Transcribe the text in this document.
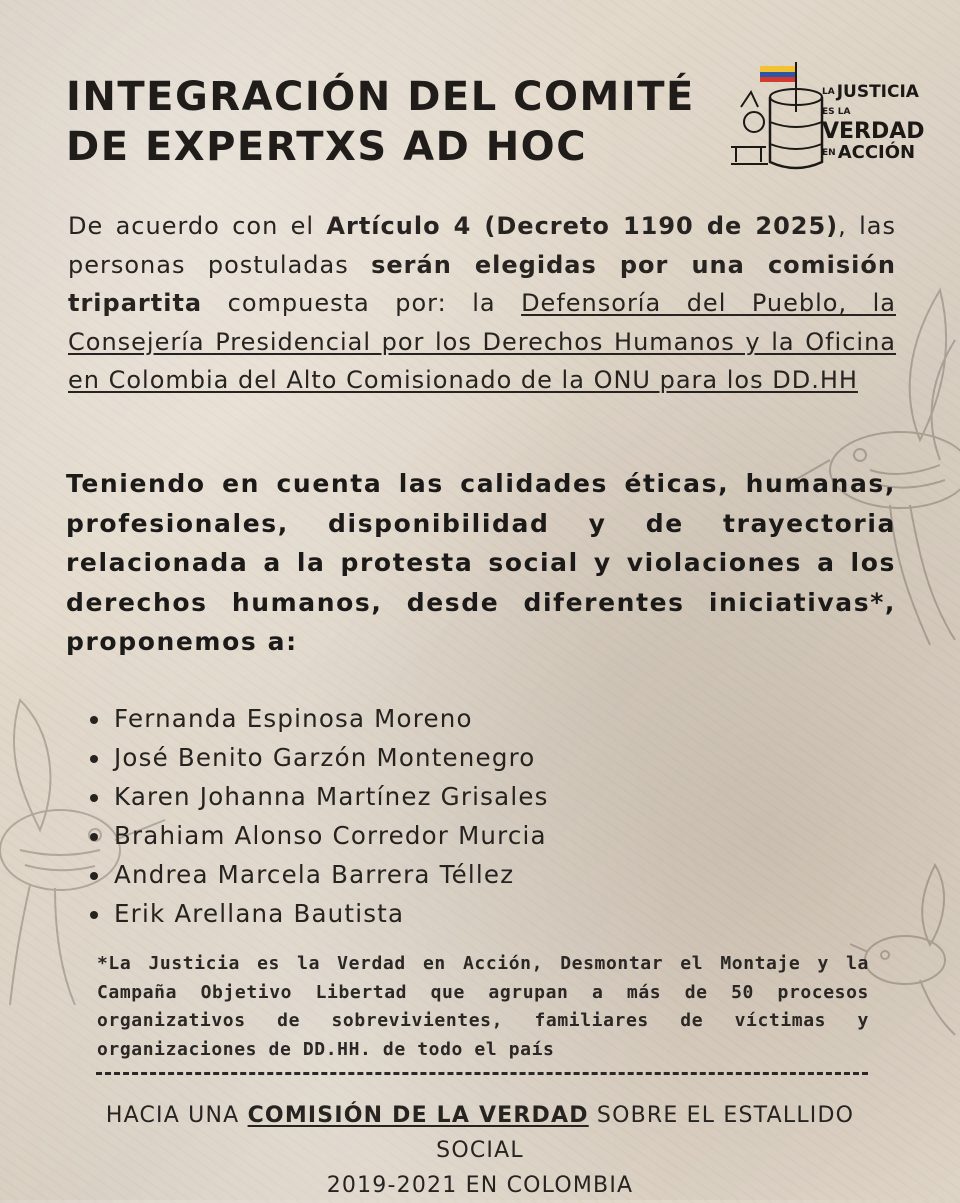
INTEGRACIÓN DEL COMITÉ
DE EXPERTXS AD HOC
LA JUSTICIA
ES LAVERDAD
EN ACCIÓN

De acuerdo con el Artículo 4 (Decreto 1190 de 2025), las personas postuladas serán elegidas por una comisión tripartita compuesta por: la Defensoría del Pueblo, la Consejería Presidencial por los Derechos Humanos y la Oficina en Colombia del Alto Comisionado de la ONU para los DD.HH

Teniendo en cuenta las calidades éticas, humanas, profesionales, disponibilidad y de trayectoria relacionada a la protesta social y violaciones a los derechos humanos, desde diferentes iniciativas*, proponemos a:

Fernanda Espinosa Moreno
José Benito Garzón Montenegro
Karen Johanna Martínez Grisales
Brahiam Alonso Corredor Murcia
Andrea Marcela Barrera Téllez
Erik Arellana Bautista

*La Justicia es la Verdad en Acción, Desmontar el Montaje y la Campaña Objetivo Libertad que agrupan a más de 50 procesos organizativos de sobrevivientes, familiares de víctimas y organizaciones de DD.HH. de todo el país

HACIA UNA COMISIÓN DE LA VERDAD SOBRE EL ESTALLIDO SOCIAL
2019-2021 EN COLOMBIA
